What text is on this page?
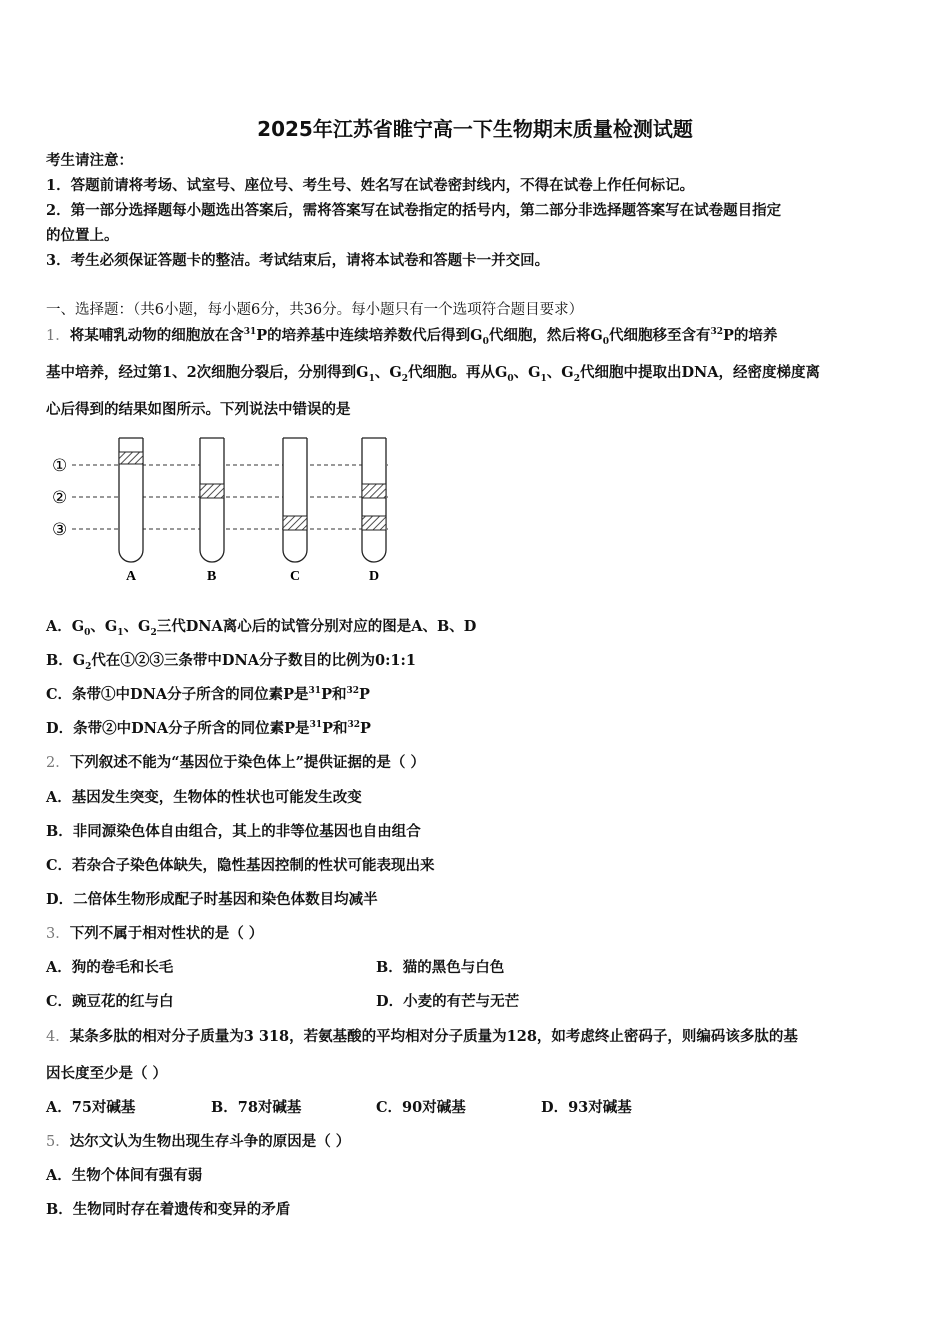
2025年江苏省睢宁高一下生物期末质量检测试题
考生请注意：
1．答题前请将考场、试室号、座位号、考生号、姓名写在试卷密封线内，不得在试卷上作任何标记。
2．第一部分选择题每小题选出答案后，需将答案写在试卷指定的括号内，第二部分非选择题答案写在试卷题目指定
的位置上。
3．考生必须保证答题卡的整洁。考试结束后，请将本试卷和答题卡一并交回。
一、选择题：（共6小题，每小题6分，共36分。每小题只有一个选项符合题目要求）
1．将某哺乳动物的细胞放在含$^{31}$P的培养基中连续培养数代后得到$G_0$代细胞，然后将$G_0$代细胞移至含有$^{32}$P的培养
基中培养，经过第1、2次细胞分裂后，分别得到$G_1$、$G_2$代细胞。再从$G_0$、$G_1$、$G_2$代细胞中提取出DNA，经密度梯度离
心后得到的结果如图所示。下列说法中错误的是
①
②
③
A	B	C	D
A．$G_0$、$G_1$、$G_2$三代DNA离心后的试管分别对应的图是A、B、D
B．$G_2$代在①②③三条带中DNA分子数目的比例为0:1:1
C．条带①中DNA分子所含的同位素P是$^{31}$P和$^{32}$P
D．条带②中DNA分子所含的同位素P是$^{31}$P和$^{32}$P
2．下列叙述不能为“基因位于染色体上”提供证据的是（ ）
A．基因发生突变，生物体的性状也可能发生改变
B．非同源染色体自由组合，其上的非等位基因也自由组合
C．若杂合子染色体缺失，隐性基因控制的性状可能表现出来
D．二倍体生物形成配子时基因和染色体数目均减半
3．下列不属于相对性状的是（ ）
A．狗的卷毛和长毛	B．猫的黑色与白色
C．豌豆花的红与白	D．小麦的有芒与无芒
4．某条多肽的相对分子质量为3 318，若氨基酸的平均相对分子质量为128，如考虑终止密码子，则编码该多肽的基
因长度至少是（ ）
A．75对碱基	B．78对碱基	C．90对碱基	D．93对碱基
5．达尔文认为生物出现生存斗争的原因是（ ）
A．生物个体间有强有弱
B．生物同时存在着遗传和变异的矛盾
